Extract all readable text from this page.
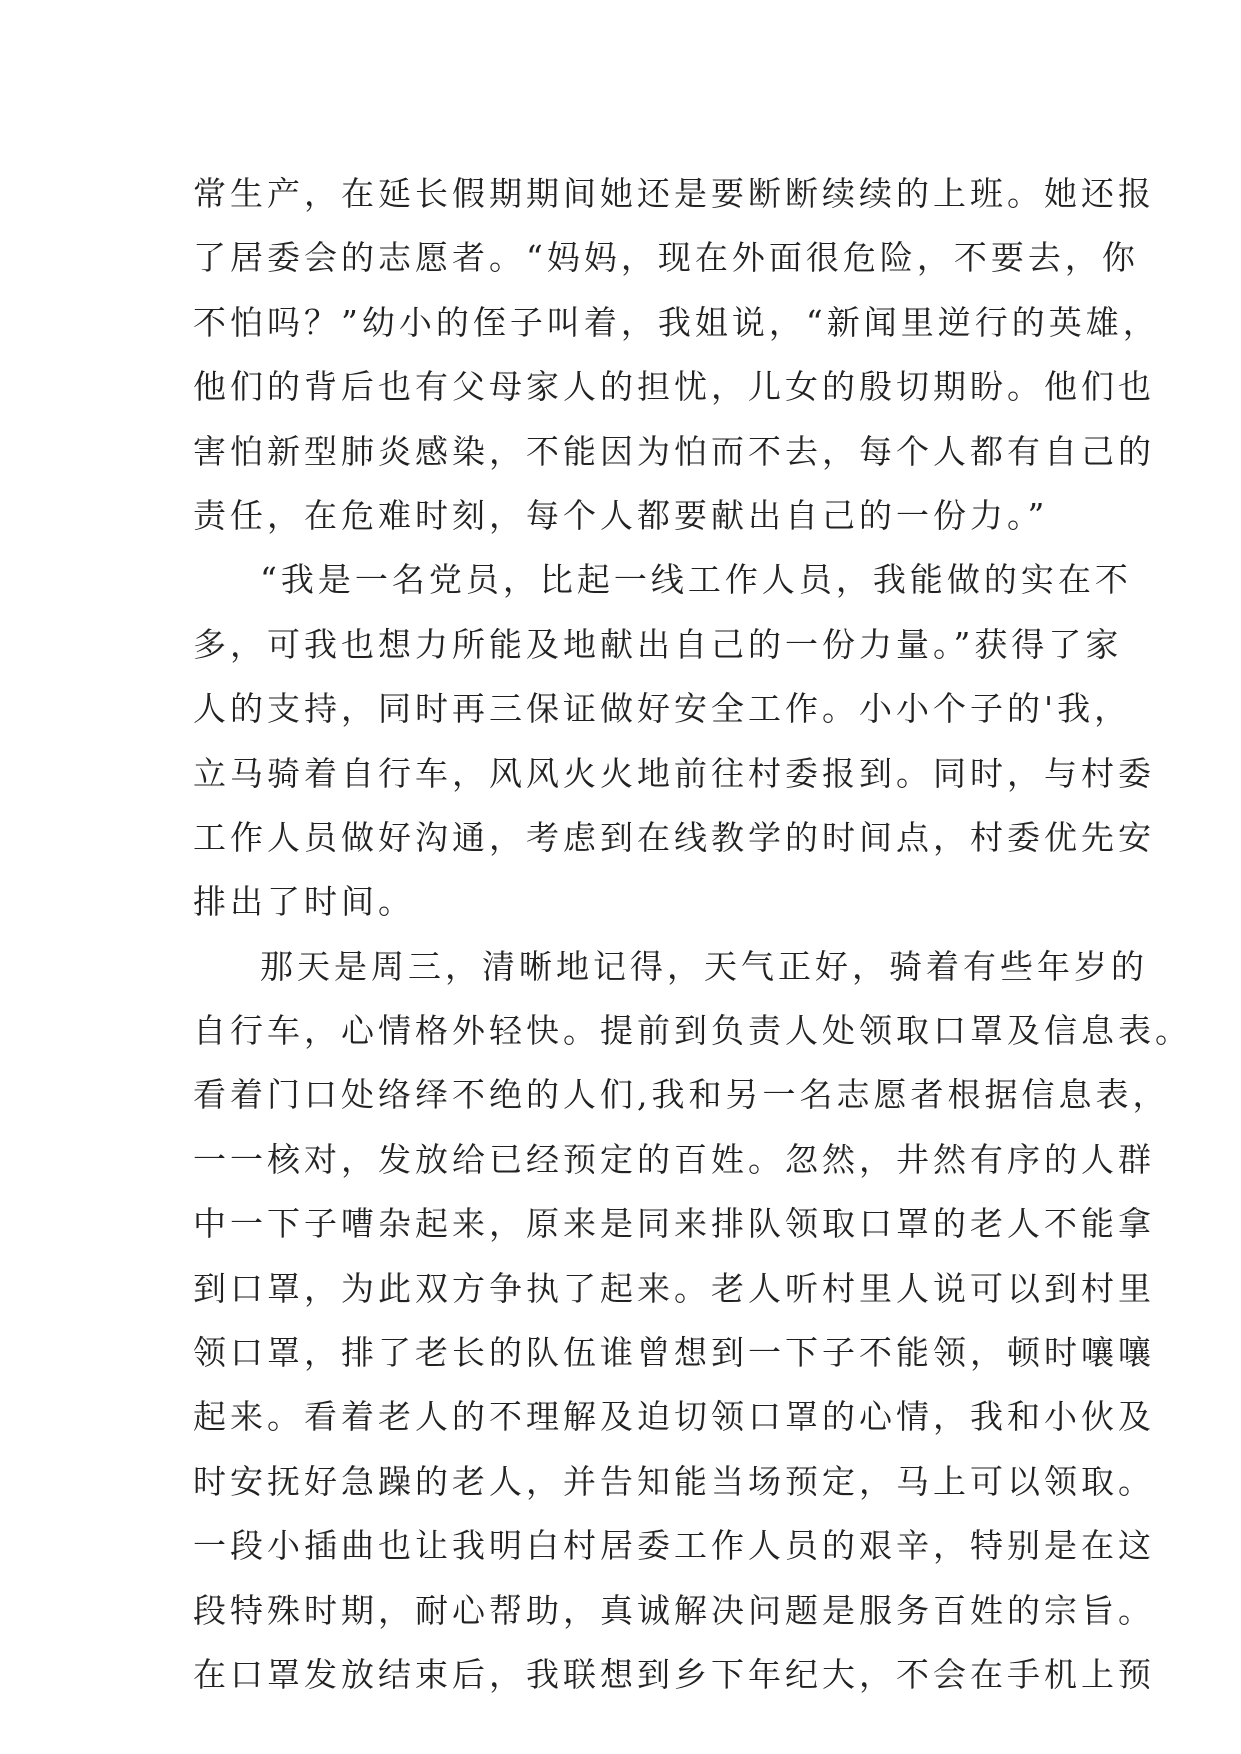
常生产，在延长假期期间她还是要断断续续的上班。她还报
了居委会的志愿者。“妈妈，现在外面很危险，不要去，你
不怕吗？”幼小的侄子叫着，我姐说，“新闻里逆行的英雄，
他们的背后也有父母家人的担忧，儿女的殷切期盼。他们也
害怕新型肺炎感染，不能因为怕而不去，每个人都有自己的
责任，在危难时刻，每个人都要献出自己的一份力。”
“我是一名党员，比起一线工作人员，我能做的实在不
多，可我也想力所能及地献出自己的一份力量。”获得了家
人的支持，同时再三保证做好安全工作。小小个子的'我，
立马骑着自行车，风风火火地前往村委报到。同时，与村委
工作人员做好沟通，考虑到在线教学的时间点，村委优先安
排出了时间。
那天是周三，清晰地记得，天气正好，骑着有些年岁的
自行车，心情格外轻快。提前到负责人处领取口罩及信息表。
看着门口处络绎不绝的人们,我和另一名志愿者根据信息表，
一一核对，发放给已经预定的百姓。忽然，井然有序的人群
中一下子嘈杂起来，原来是同来排队领取口罩的老人不能拿
到口罩，为此双方争执了起来。老人听村里人说可以到村里
领口罩，排了老长的队伍谁曾想到一下子不能领，顿时嚷嚷
起来。看着老人的不理解及迫切领口罩的心情，我和小伙及
时安抚好急躁的老人，并告知能当场预定，马上可以领取。
一段小插曲也让我明白村居委工作人员的艰辛，特别是在这
段特殊时期，耐心帮助，真诚解决问题是服务百姓的宗旨。
在口罩发放结束后，我联想到乡下年纪大，不会在手机上预
